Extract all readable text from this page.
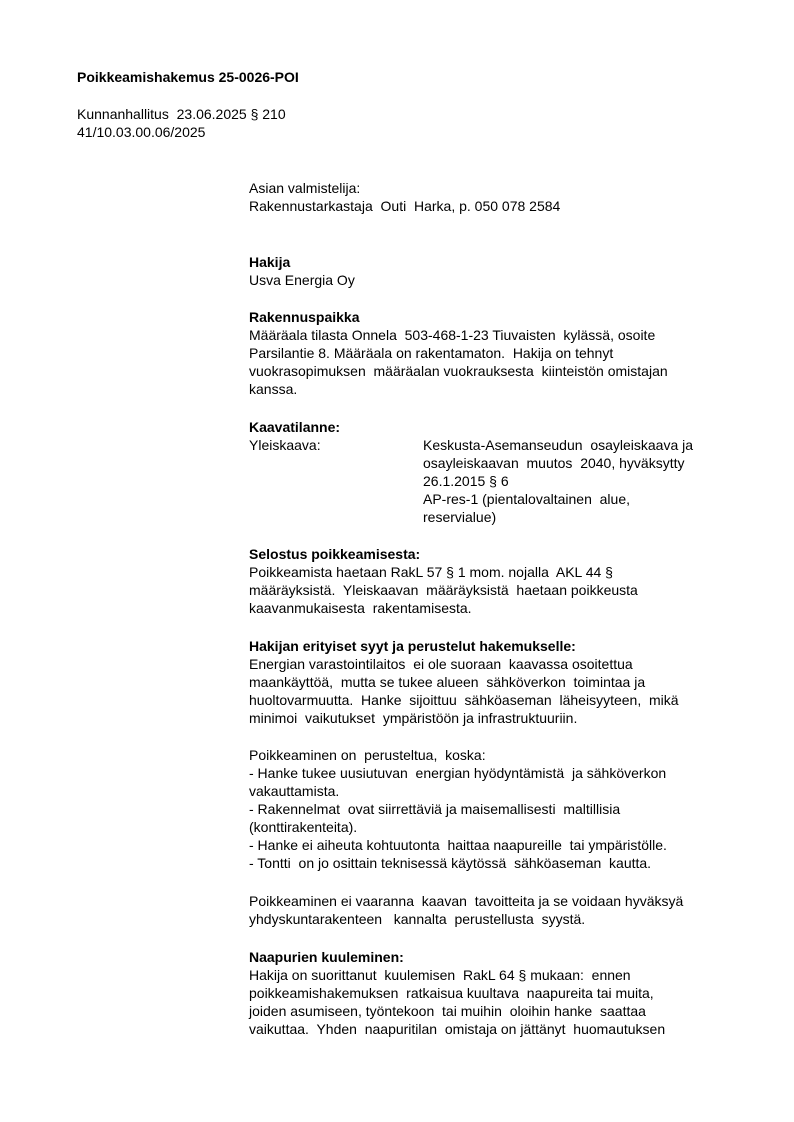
Poikkeamishakemus 25-0026-POI
Kunnanhallitus  23.06.2025 § 210
41/10.03.00.06/2025
Asian valmistelija:
Rakennustarkastaja  Outi  Harka, p. 050 078 2584
Hakija
Usva Energia Oy
Rakennuspaikka
Määräala tilasta Onnela  503-468-1-23 Tiuvaisten  kylässä, osoite
Parsilantie 8. Määräala on rakentamaton.  Hakija on tehnyt
vuokrasopimuksen  määräalan vuokrauksesta  kiinteistön omistajan
kanssa.
Kaavatilanne:
Yleiskaava:	Keskusta-Asemanseudun  osayleiskaava ja
osayleiskaavan  muutos  2040, hyväksytty
26.1.2015 § 6
AP-res-1 (pientalovaltainen  alue,
reservialue)
Selostus poikkeamisesta:
Poikkeamista haetaan RakL 57 § 1 mom. nojalla  AKL 44 §
määräyksistä.  Yleiskaavan  määräyksistä  haetaan poikkeusta
kaavanmukaisesta  rakentamisesta.
Hakijan erityiset syyt ja perustelut hakemukselle:
Energian varastointilaitos  ei ole suoraan  kaavassa osoitettua
maankäyttöä,  mutta se tukee alueen  sähköverkon  toimintaa ja
huoltovarmuutta.  Hanke  sijoittuu  sähköaseman  läheisyyteen,  mikä
minimoi  vaikutukset  ympäristöön ja infrastruktuuriin.
Poikkeaminen on  perusteltua,  koska:
- Hanke tukee uusiutuvan  energian hyödyntämistä  ja sähköverkon
vakauttamista.
- Rakennelmat  ovat siirrettäviä ja maisemallisesti  maltillisia
(konttirakenteita).
- Hanke ei aiheuta kohtuutonta  haittaa naapureille  tai ympäristölle.
- Tontti  on jo osittain teknisessä käytössä  sähköaseman  kautta.
Poikkeaminen ei vaaranna  kaavan  tavoitteita ja se voidaan hyväksyä
yhdyskuntarakenteen   kannalta  perustellusta  syystä.
Naapurien kuuleminen:
Hakija on suorittanut  kuulemisen  RakL 64 § mukaan:  ennen
poikkeamishakemuksen  ratkaisua kuultava  naapureita tai muita,
joiden asumiseen, työntekoon  tai muihin  oloihin hanke  saattaa
vaikuttaa.  Yhden  naapuritilan  omistaja on jättänyt  huomautuksen
